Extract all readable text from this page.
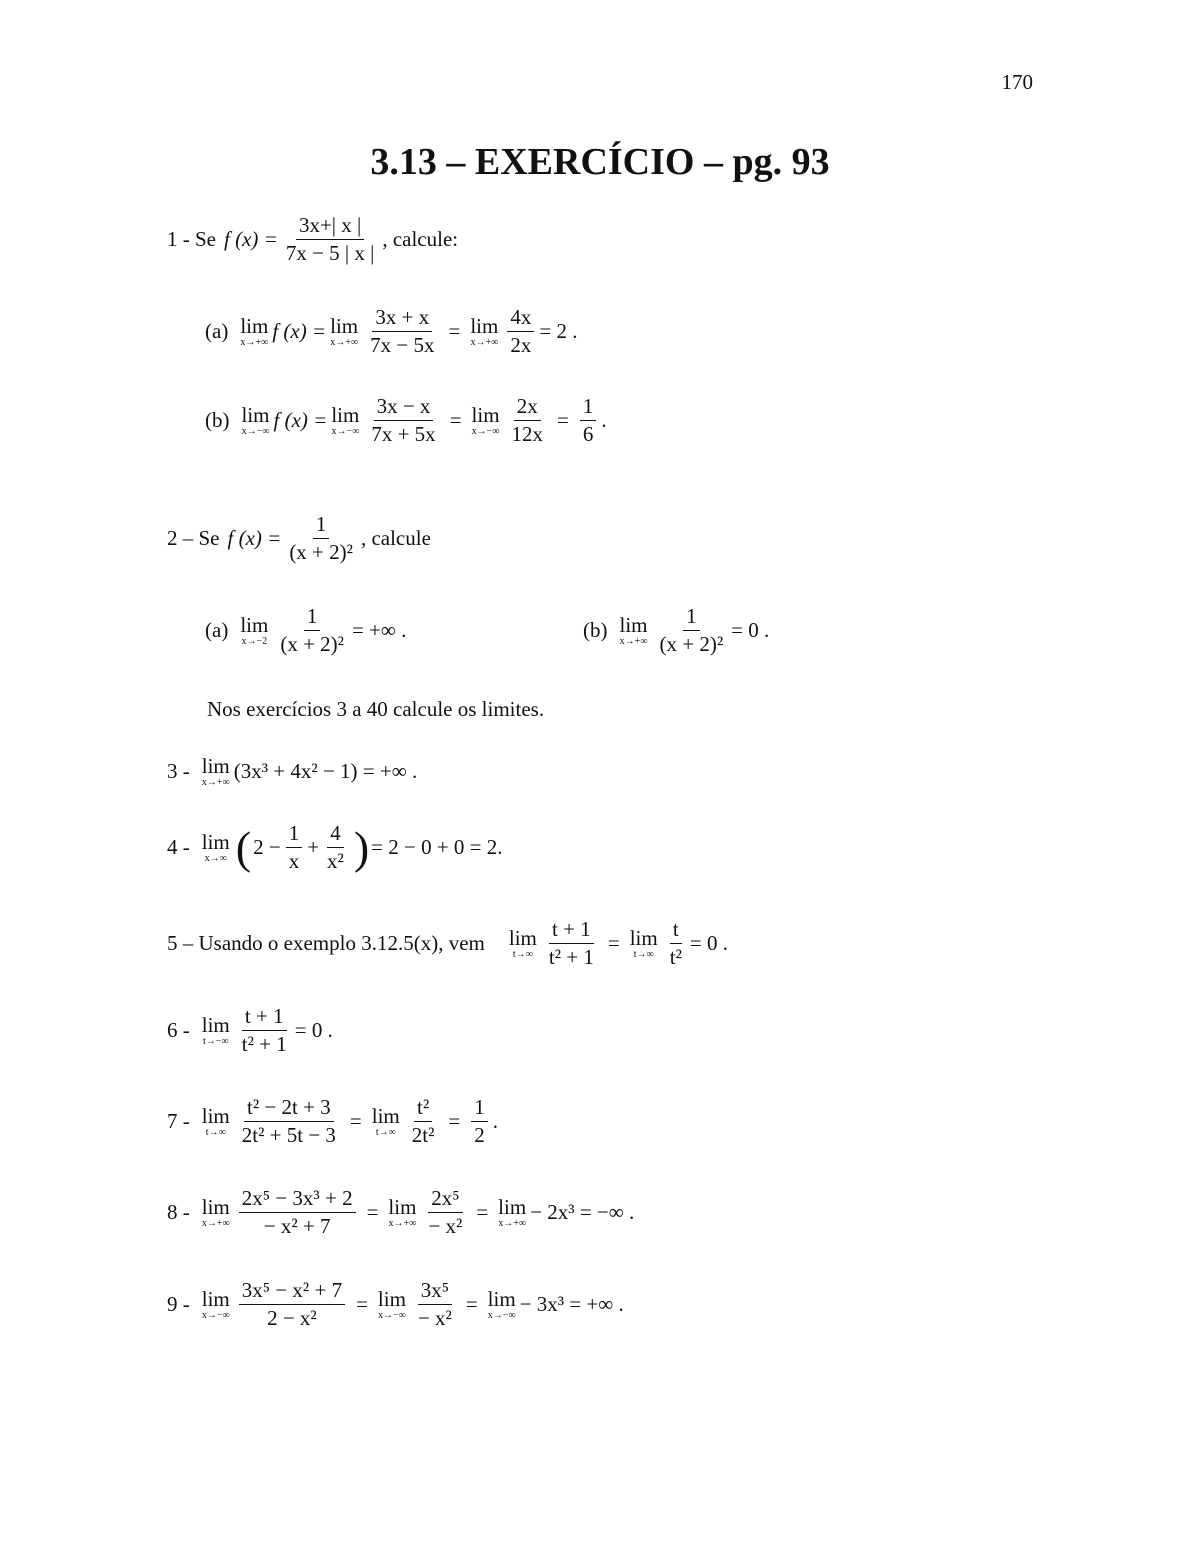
170
3.13 – EXERCÍCIO – pg. 93
1 - Se f $(x) = \frac{3x+| x |}{7x - 5 | x |}$ , calcule:
(a) lim
x→+∞ f (x) = lim
$x\to+\infty \frac{3x + x}{7x - 5x} = \lim$
$x\to+\infty \frac{4x}{2x} = 2$ .
(b) lim
x→−∞ f (x) = lim
$x\to-\infty \frac{3x - x}{7x + 5x} = \lim$
$x\to-\infty \frac{2x}{12x} = \frac{1}{6}$ .
2 – Se f $(x) = \frac{1}{\text{(x + 2)²}}$ , calcule
(a) lim
$x\to-2 \frac{1}{\text{(x + 2)²}}$ = +∞ .	(b) lim
$x\to+\infty \frac{1}{\text{(x + 2)²}} = 0$ .
Nos exercícios 3 a 40 calcule os limites.
3 - lim
x→+∞ (3x³ + 4x² − 1) = +∞ .
4 - lim
x→∞ ( $2 - \frac{1}{x} + \frac{4}{\text{x²}}$ ) = 2 − 0 + 0 = 2.
5 – Usando o exemplo 3.12.5(x), vem lim
$t\to\infty \frac{t + 1}{\text{t² + 1}} = \lim$
$t\to\infty \frac{t}{\text{t²}} = 0$ .
6 - lim
$t\to-\infty \frac{t + 1}{\text{t² + 1}} = 0$ .
7 - lim
$t\to\infty \frac{\text{t² − 2t + 3}}{\text{2t² + 5t − 3}} = \lim$
$t\to\infty \frac{\text{t²}}{\text{2t²}} = \frac{1}{2}$ .
8 - lim
$x\to+\infty \frac{\text{2x⁵ − 3x³ + 2}}{\text{− x² + 7}} = \lim$
$x\to+\infty \frac{\text{2x⁵}}{\text{− x²}} = \lim$
x→+∞ − 2x³ = −∞ .
9 - lim
$x\to-\infty \frac{\text{3x⁵ − x² + 7}}{\text{2 − x²}} = \lim$
$x\to-\infty \frac{\text{3x⁵}}{\text{− x²}} = \lim$
x→−∞ − 3x³ = +∞ .
